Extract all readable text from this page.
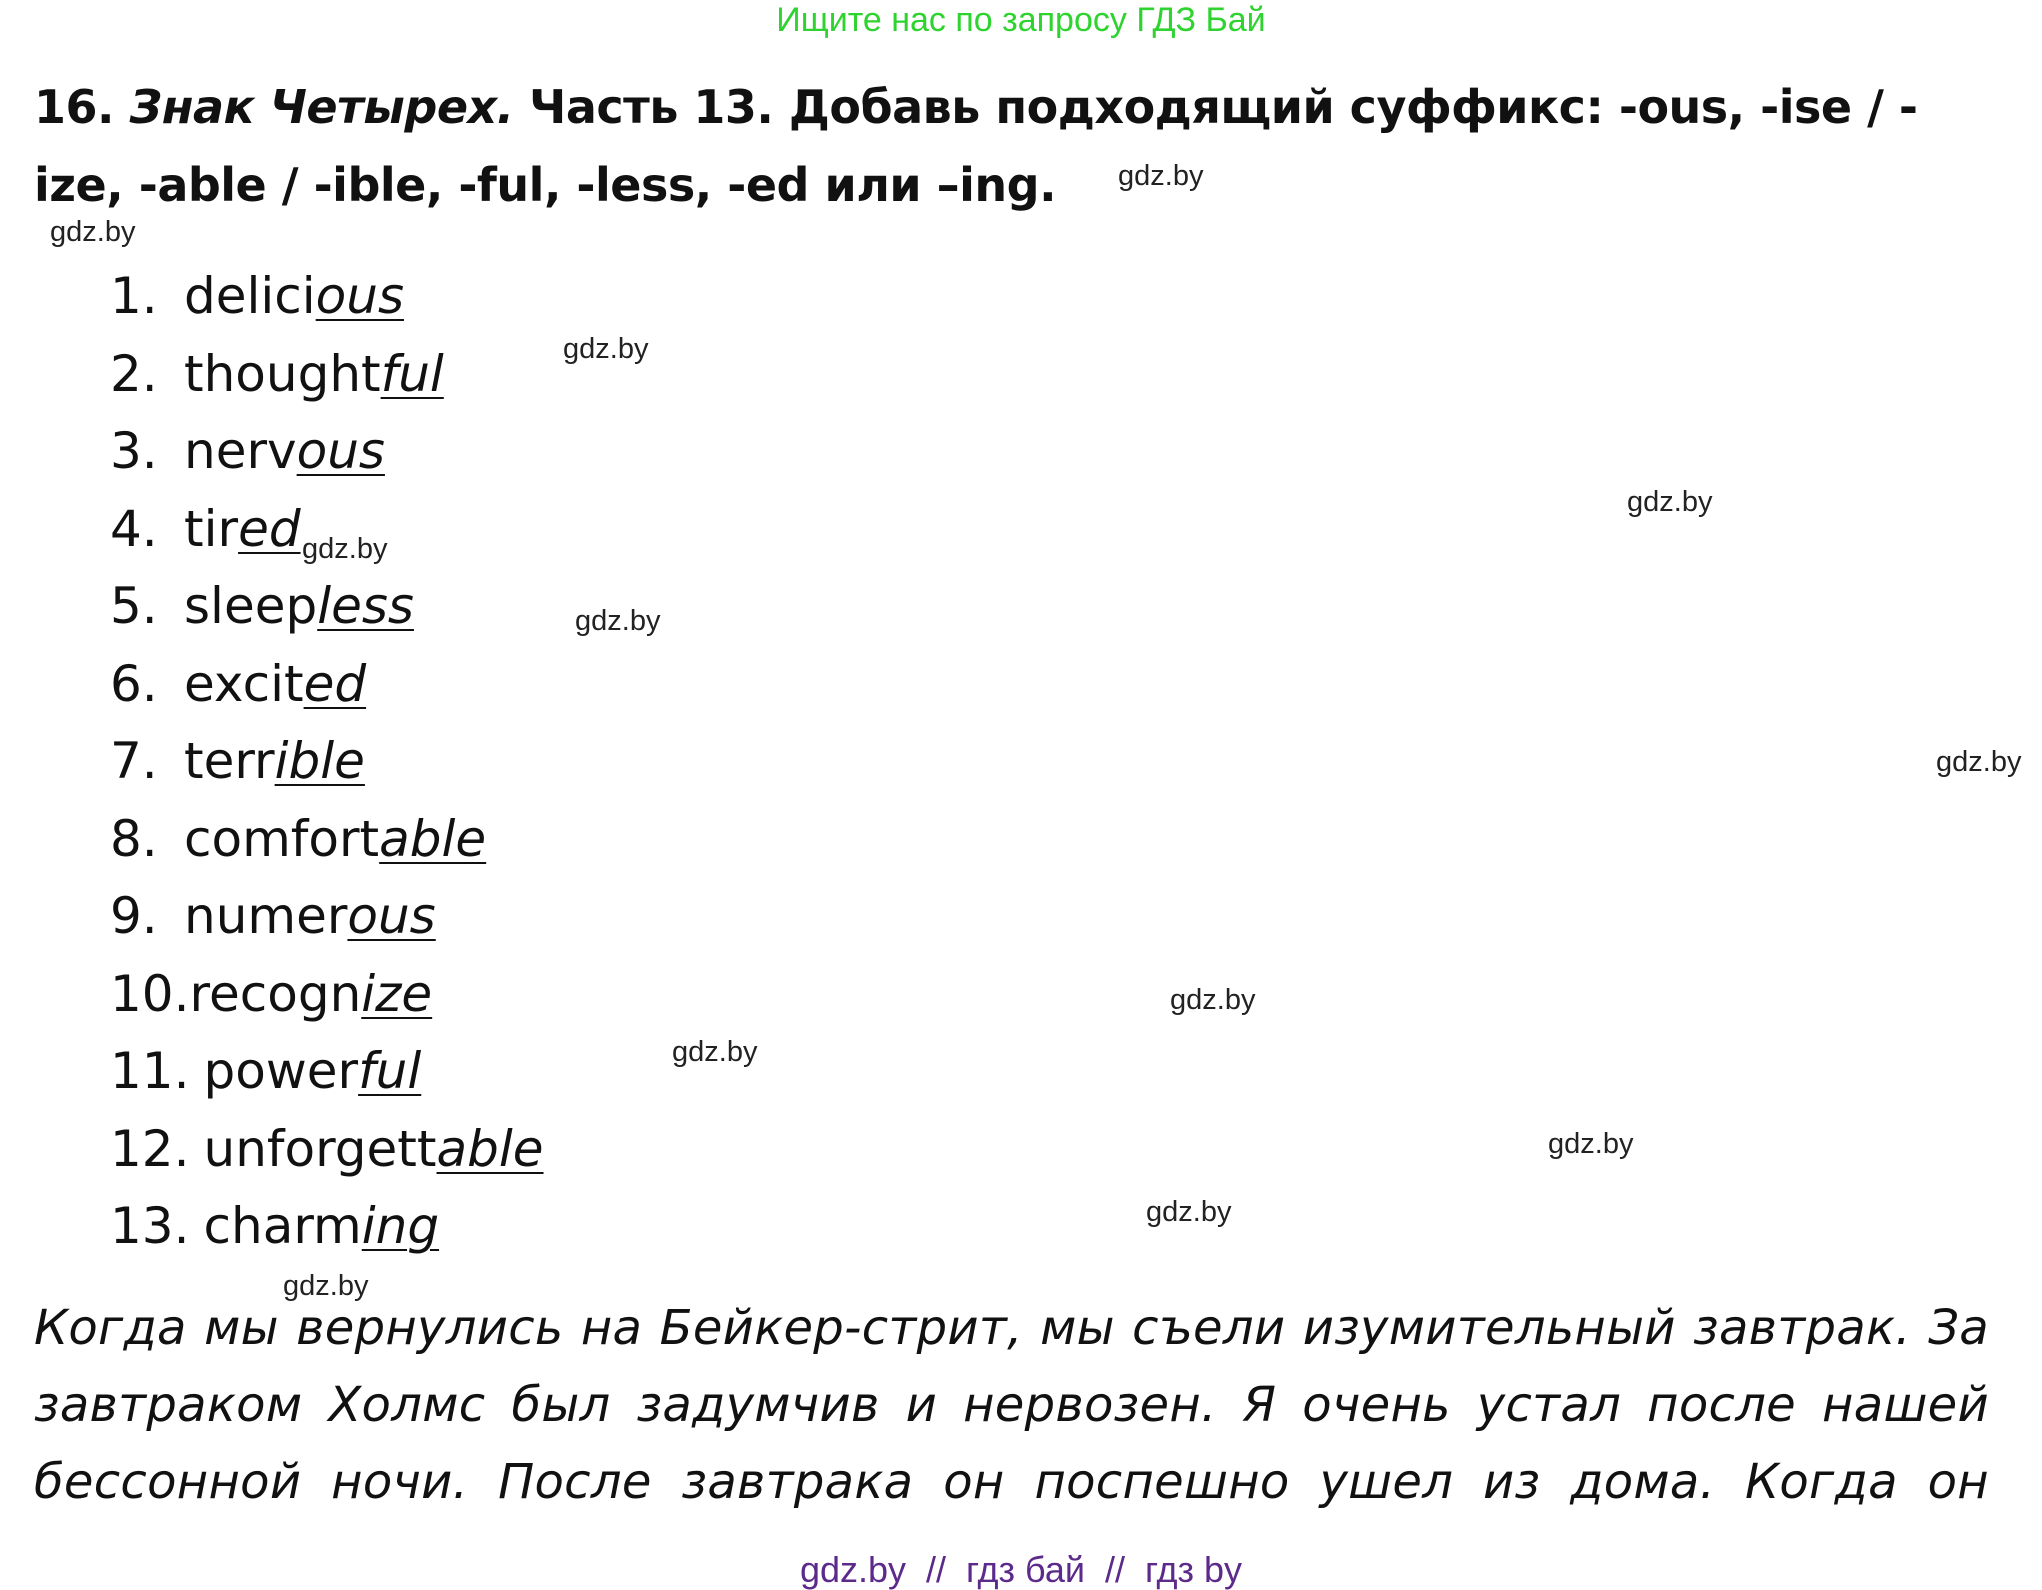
Ищите нас по запросу ГДЗ Бай
16. Знак Четырех. Часть 13. Добавь подходящий суффикс: -ous, -ise / -ize, -able / -ible, -ful, -less, -ed или –ing.
1. delicious
2. thoughtful
3. nervous
4. tired
5. sleepless
6. excited
7. terrible
8. comfortable
9. numerous
10.recognize
11. powerful
12. unforgettable
13. charming

Когда мы вернулись на Бейкер-стрит, мы съели изумительный завтрак. За завтраком Холмс был задумчив и нервозен. Я очень устал после нашей бессонной ночи. После завтрака он поспешно ушел из дома. Когда он

gdz.by
gdz.by
gdz.by
gdz.by
gdz.by
gdz.by
gdz.by
gdz.by
gdz.by
gdz.by
gdz.by
gdz.by
gdz.by  //  гдз бай  //  гдз by
